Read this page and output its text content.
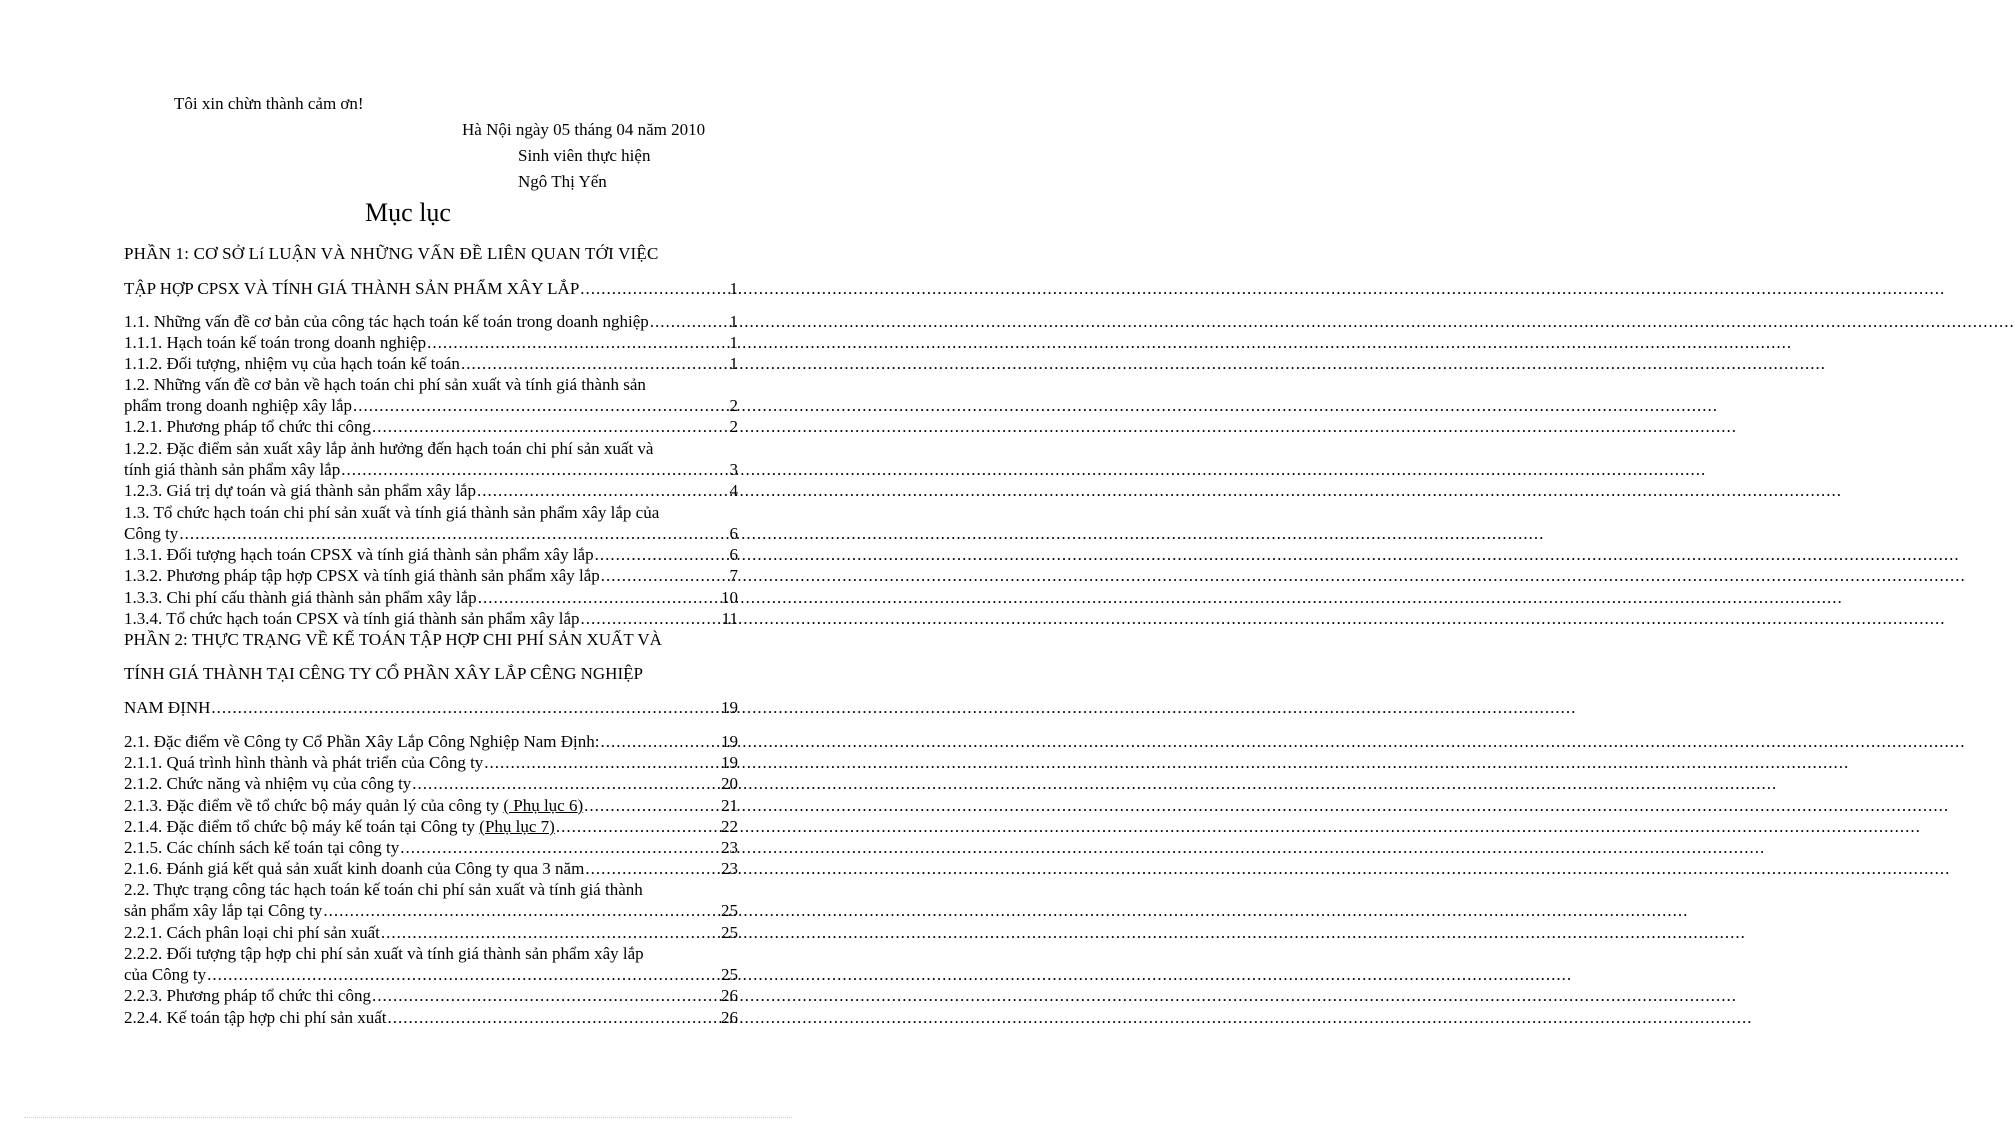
Tôi xin chừn thành cảm ơn!
Hà Nội ngày 05 tháng 04 năm 2010
Sinh viên thực hiện
Ngô Thị Yến
Mục lục
PHẦN 1: CƠ SỞ Lí LUẬN VÀ NHỮNG VẤN ĐỀ LIÊN QUAN TỚI VIỆC
TẬP HỢP CPSX VÀ TÍNH GIÁ THÀNH SẢN PHẨM XÂY LẮP .....	1
1.1. Những vấn đề cơ bản của công tác hạch toán kế toán trong doanh nghiệp .....	1
1.1.1. Hạch toán kế toán trong doanh nghiệp .....	1
1.1.2. Đối tượng, nhiệm vụ của hạch toán kế toán .....	1
1.2. Những vấn đề cơ bản về hạch toán chi phí sản xuất và tính giá thành sản
phẩm trong doanh nghiệp xây lắp .....	2
1.2.1. Phương pháp tổ chức thi công .....	2
1.2.2. Đặc điểm sản xuất xây lắp ảnh hưởng đến hạch toán chi phí sản xuất và
tính giá thành sản phẩm xây lắp .....	3
1.2.3. Giá trị dự toán và giá thành sản phẩm xây lắp .....	4
1.3. Tổ chức hạch toán chi phí sản xuất và tính giá thành sản phẩm xây lắp của
Công ty .....	6
1.3.1. Đối tượng hạch toán CPSX và tính giá thành sản phẩm xây lắp .....	6
1.3.2. Phương pháp tập hợp CPSX và tính giá thành sản phẩm xây lắp .....	7
1.3.3. Chi phí cấu thành giá thành sản phẩm xây lắp .....	10
1.3.4. Tổ chức hạch toán CPSX và tính giá thành sản phẩm xây lắp .....	11
PHẦN 2: THỰC TRẠNG VỀ KẾ TOÁN TẬP HỢP CHI PHÍ SẢN XUẤT VÀ
TÍNH GIÁ THÀNH TẠI CÊNG TY CỔ PHẦN XÂY LẮP CÊNG NGHIỆP
NAM ĐỊNH .....	19
2.1. Đặc điểm về Công ty Cổ Phần Xây Lắp Công Nghiệp Nam Định: .....	19
2.1.1. Quá trình hình thành và phát triển của Công ty .....	19
2.1.2. Chức năng và nhiệm vụ của công ty .....	20
2.1.3. Đặc điểm về tổ chức bộ máy quản lý của công ty ( Phụ lục 6) .....	21
2.1.4. Đặc điểm tổ chức bộ máy kế toán tại Công ty (Phụ lục 7) .....	22
2.1.5. Các chính sách kế toán tại công ty .....	23
2.1.6. Đánh giá kết quả sản xuất kinh doanh của Công ty qua 3 năm .....	23
2.2. Thực trạng công tác hạch toán kế toán chi phí sản xuất và tính giá thành
sản phẩm xây lắp tại Công ty .....	25
2.2.1. Cách phân loại chi phí sản xuất .....	25
2.2.2. Đối tượng tập hợp chi phí sản xuất và tính giá thành sản phẩm xây lắp
của Công ty .....	25
2.2.3. Phương pháp tổ chức thi công .....	26
2.2.4. Kế toán tập hợp chi phí sản xuất .....	26
